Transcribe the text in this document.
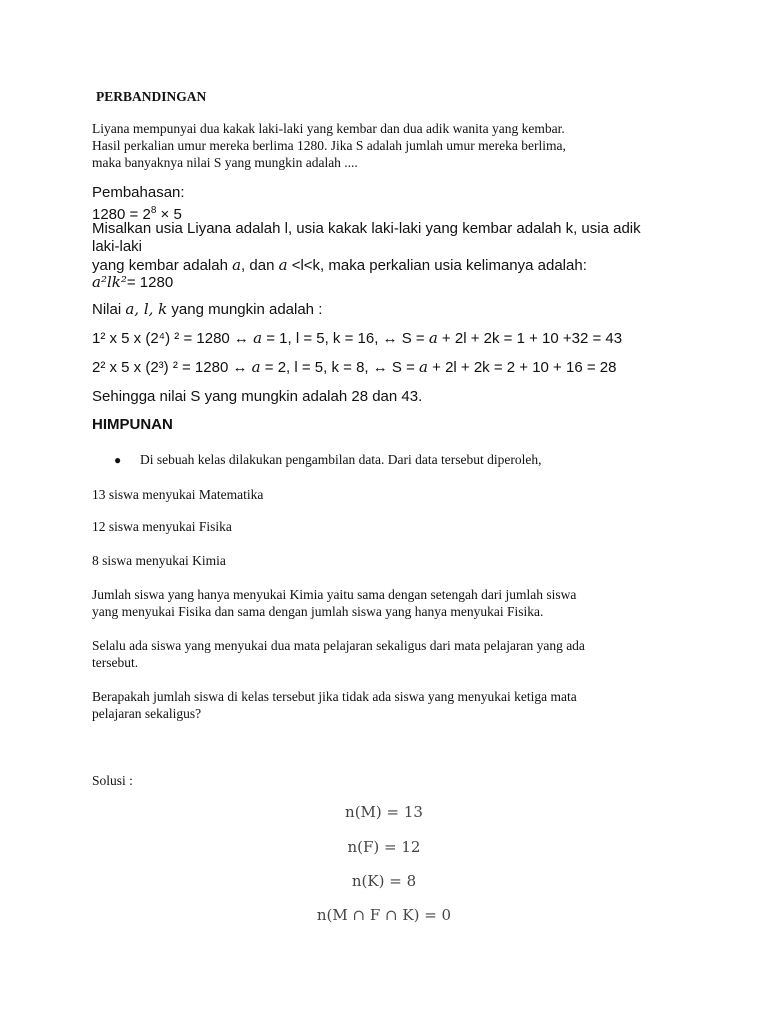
PERBANDINGAN
Liyana mempunyai dua kakak laki-laki yang kembar dan dua adik wanita yang kembar.
Hasil perkalian umur mereka berlima 1280. Jika S adalah jumlah umur mereka berlima,
maka banyaknya nilai S yang mungkin adalah ....
Pembahasan:
$1280 = 2^8 \times 5$
Misalkan usia Liyana adalah l, usia kakak laki-laki yang kembar adalah k, usia adik
laki-laki
yang kembar adalah a, dan a <l<k, maka perkalian usia kelimanya adalah:
a²lk²= 1280
Nilai a, l, k yang mungkin adalah :
1² x 5 x (2⁴) ² = 1280 ↔ a = 1, l = 5, k = 16, ↔ S = a + 2l + 2k = 1 + 10 +32 = 43
2² x 5 x (2³) ² = 1280 ↔ a = 2, l = 5, k = 8, ↔ S = a + 2l + 2k = 2 + 10 + 16 = 28
Sehingga nilai S yang mungkin adalah 28 dan 43.
HIMPUNAN
● Di sebuah kelas dilakukan pengambilan data. Dari data tersebut diperoleh,
13 siswa menyukai Matematika
12 siswa menyukai Fisika
8 siswa menyukai Kimia
Jumlah siswa yang hanya menyukai Kimia yaitu sama dengan setengah dari jumlah siswa
yang menyukai Fisika dan sama dengan jumlah siswa yang hanya menyukai Fisika.
Selalu ada siswa yang menyukai dua mata pelajaran sekaligus dari mata pelajaran yang ada
tersebut.
Berapakah jumlah siswa di kelas tersebut jika tidak ada siswa yang menyukai ketiga mata
pelajaran sekaligus?
Solusi :
n(M) = 13
n(F) = 12
n(K) = 8
n(M ∩ F ∩ K) = 0
